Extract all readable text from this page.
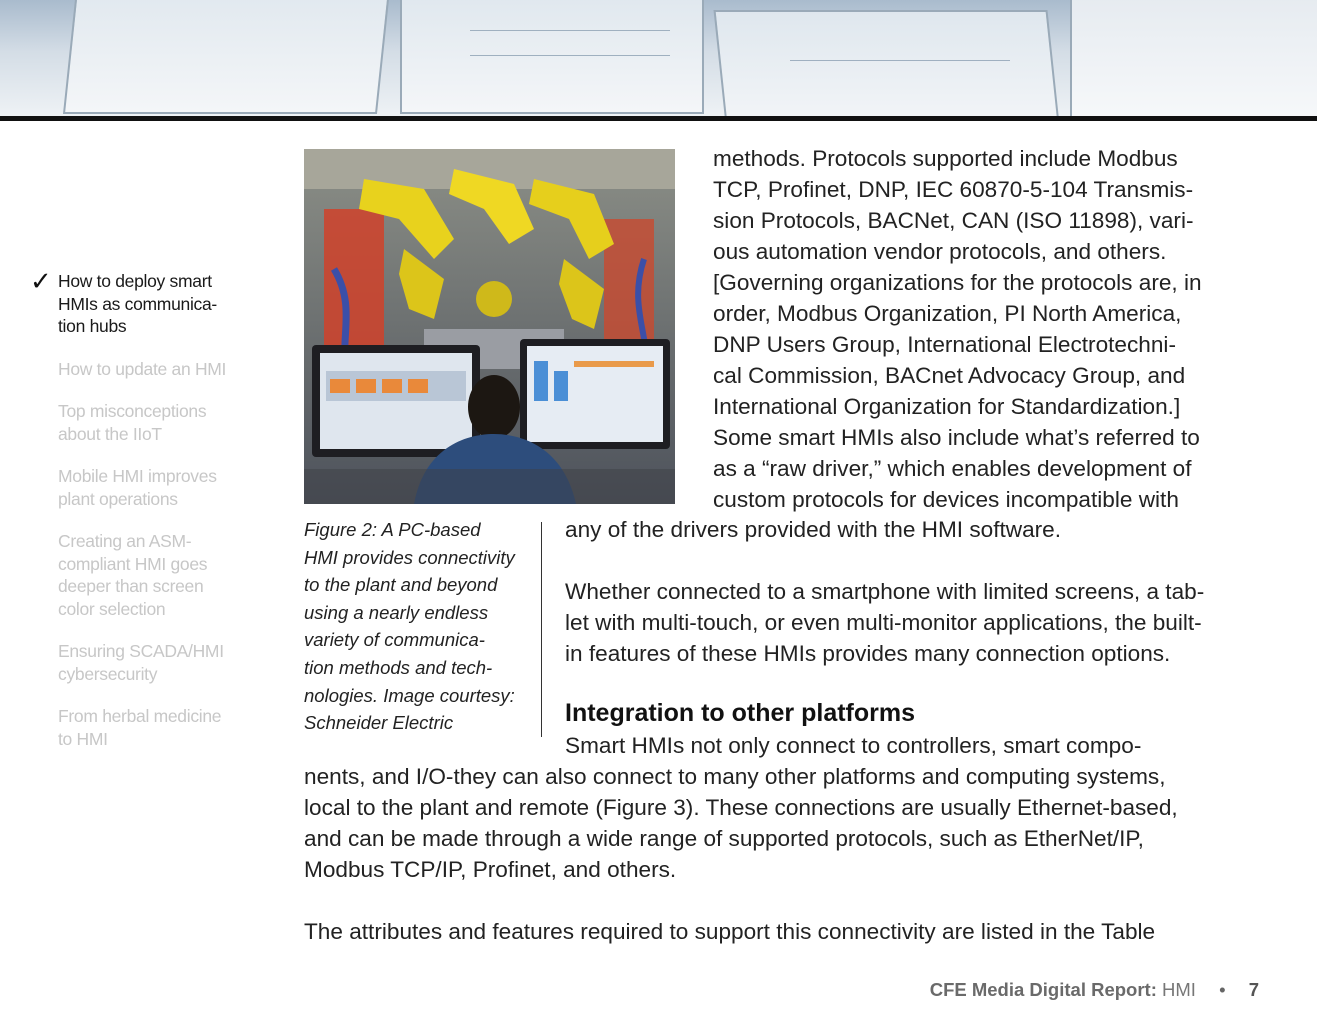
✓ How to deploy smart
HMIs as communica-
tion hubs
How to update an HMI
Top misconceptions
about the IIoT
Mobile HMI improves
plant operations
Creating an ASM-
compliant HMI goes
deeper than screen
color selection
Ensuring SCADA/HMI
cybersecurity
From herbal medicine
to HMI
Figure 2: A PC-based
HMI provides connectivity
to the plant and beyond
using a nearly endless
variety of communica-
tion methods and tech-
nologies. Image courtesy:
Schneider Electric
methods. Protocols supported include Modbus
TCP, Profinet, DNP, IEC 60870-5-104 Transmis-
sion Protocols, BACNet, CAN (ISO 11898), vari-
ous automation vendor protocols, and others.
[Governing organizations for the protocols are, in
order, Modbus Organization, PI North America,
DNP Users Group, International Electrotechni-
cal Commission, BACnet Advocacy Group, and
International Organization for Standardization.]
Some smart HMIs also include what’s referred to
as a “raw driver,” which enables development of
custom protocols for devices incompatible with
any of the drivers provided with the HMI software.
Whether connected to a smartphone with limited screens, a tab-
let with multi-touch, or even multi-monitor applications, the built-
in features of these HMIs provides many connection options.
Integration to other platforms
Smart HMIs not only connect to controllers, smart compo-
nents, and I/O-they can also connect to many other platforms and computing systems,
local to the plant and remote (Figure 3). These connections are usually Ethernet-based,
and can be made through a wide range of supported protocols, such as EtherNet/IP,
Modbus TCP/IP, Profinet, and others.
The attributes and features required to support this connectivity are listed in the Table
CFE Media Digital Report: HMI • 7
